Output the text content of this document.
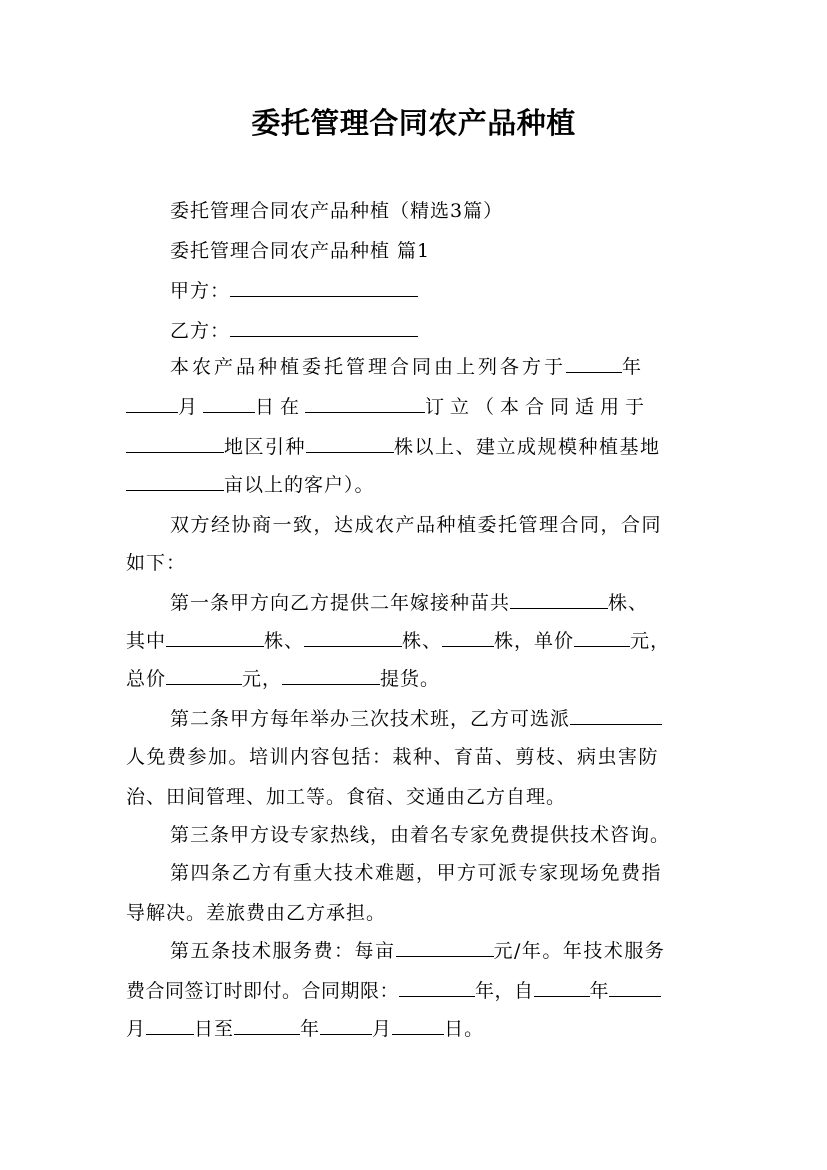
委托管理合同农产品种植
委托管理合同农产品种植（精选3篇）
委托管理合同农产品种植 篇1
甲方：
乙方：
本农产品种植委托管理合同由上列各方于	年
月	日在	订立（本合同适用于
地区引种	株以上、建立成规模种植基地
亩以上的客户）。
双方经协商一致，达成农产品种植委托管理合同，合同
如下：
第一条甲方向乙方提供二年嫁接种苗共	株、
其中	株、	株、	株，单价	元，
总价	元，	提货。
第二条甲方每年举办三次技术班，乙方可选派
人免费参加。培训内容包括：栽种、育苗、剪枝、病虫害防
治、田间管理、加工等。食宿、交通由乙方自理。
第三条甲方设专家热线，由着名专家免费提供技术咨询。
第四条乙方有重大技术难题，甲方可派专家现场免费指
导解决。差旅费由乙方承担。
第五条技术服务费：每亩	元/年。年技术服务
费合同签订时即付。合同期限：	年，自	年
月	日至	年	月	日。
